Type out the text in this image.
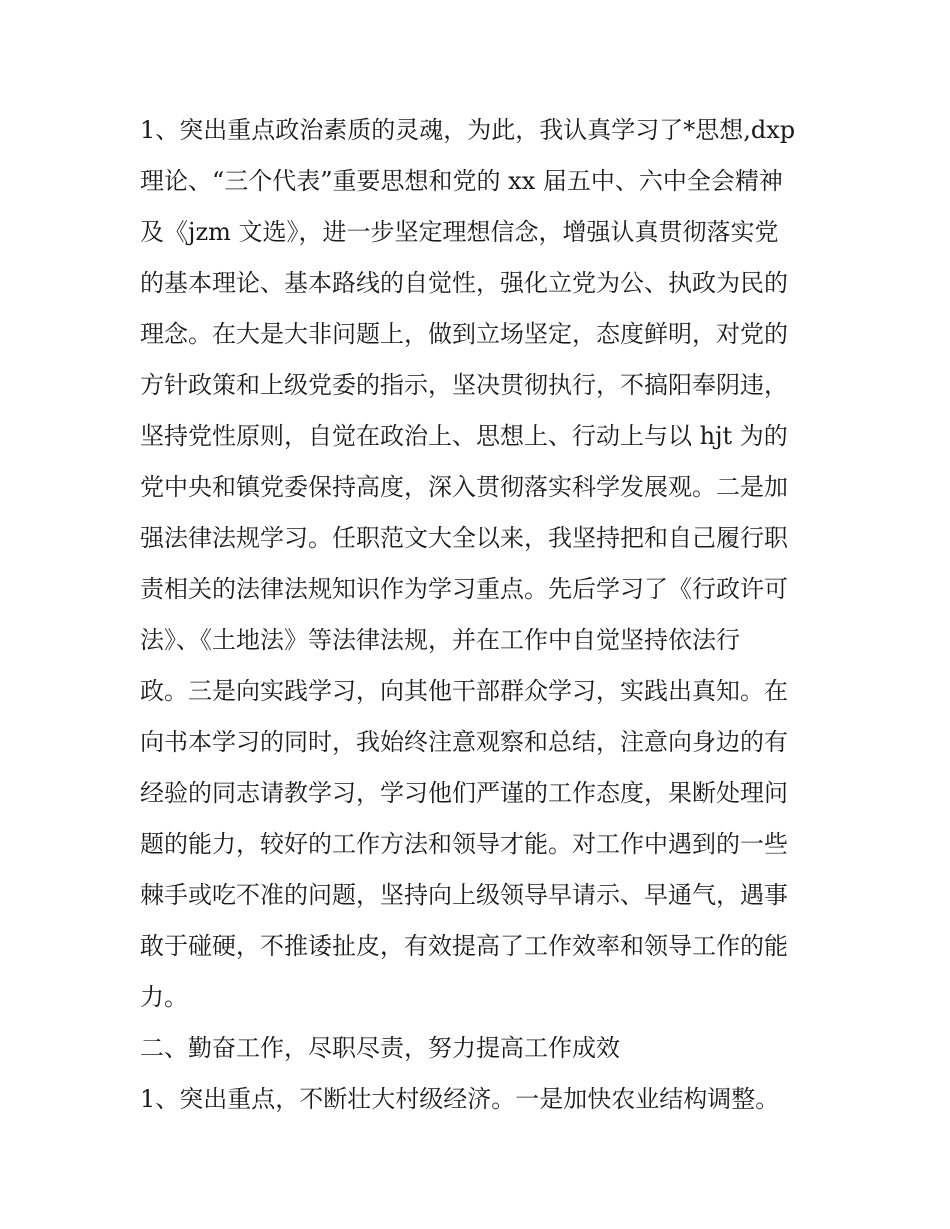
1、突出重点政治素质的灵魂，为此，我认真学习了*思想,dxp
理论、“三个代表”重要思想和党的 xx 届五中、六中全会精神
及《jzm 文选》，进一步坚定理想信念，增强认真贯彻落实党
的基本理论、基本路线的自觉性，强化立党为公、执政为民的
理念。在大是大非问题上，做到立场坚定，态度鲜明，对党的
方针政策和上级党委的指示，坚决贯彻执行，不搞阳奉阴违，
坚持党性原则，自觉在政治上、思想上、行动上与以 hjt 为的
党中央和镇党委保持高度，深入贯彻落实科学发展观。二是加
强法律法规学习。任职范文大全以来，我坚持把和自己履行职
责相关的法律法规知识作为学习重点。先后学习了《行政许可
法》、《土地法》等法律法规，并在工作中自觉坚持依法行
政。三是向实践学习，向其他干部群众学习，实践出真知。在
向书本学习的同时，我始终注意观察和总结，注意向身边的有
经验的同志请教学习，学习他们严谨的工作态度，果断处理问
题的能力，较好的工作方法和领导才能。对工作中遇到的一些
棘手或吃不准的问题，坚持向上级领导早请示、早通气，遇事
敢于碰硬，不推诿扯皮，有效提高了工作效率和领导工作的能
力。
二、勤奋工作，尽职尽责，努力提高工作成效
1、突出重点，不断壮大村级经济。一是加快农业结构调整。
